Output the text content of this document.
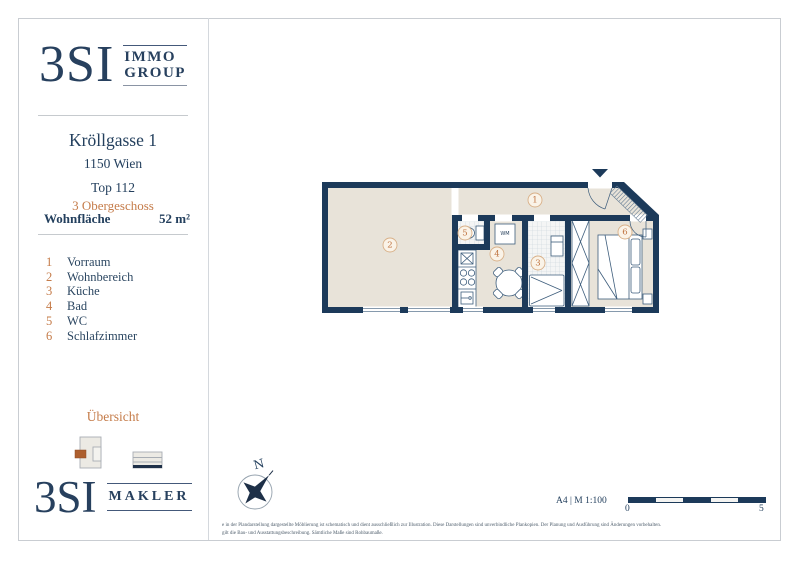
3SI IMMO
GROUP
Kröllgasse 1
1150 Wien
Top 112
3 Obergeschoss
Wohnfläche	52 m²
1	Vorraum
2	Wohnbereich
3	Küche
4	Bad
5	WC
6	Schlafzimmer
Übersicht
3SI MAKLER
WM
1
2
3
4
5	6
N
A4 | M 1:100
0	5
e in der Plandarstellung dargestellte Möblierung ist schematisch und dient ausschließlich zur Illustration. Diese Darstellungen sind unverbindliche Plankopien. Der Planung und Ausführung sind Änderungen vorbehalten.
gilt die Bau- und Ausstattungsbeschreibung. Sämtliche Maße sind Rohbaumaße.
